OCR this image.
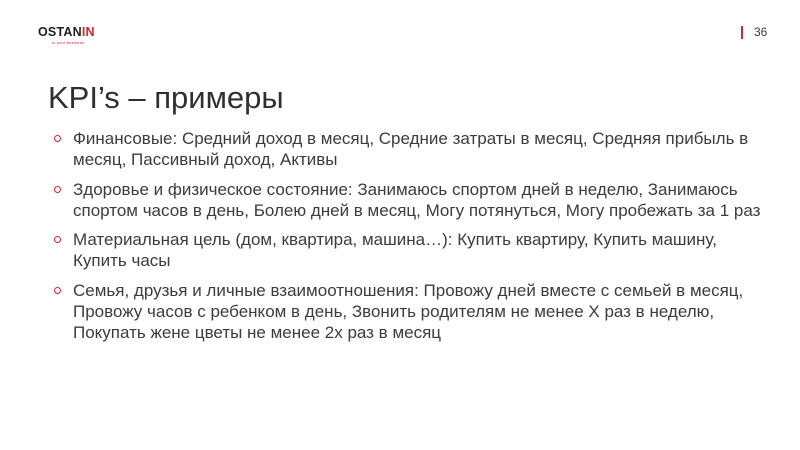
OSTANIN
in your business
36
KPI’s – примеры
Финансовые: Средний доход в месяц, Средние затраты в месяц, Средняя прибыль в месяц, Пассивный доход, Активы
Здоровье и физическое состояние: Занимаюсь спортом дней в неделю, Занимаюсь спортом часов в день, Болею дней в месяц, Могу потянуться, Могу пробежать за 1 раз
Материальная цель (дом, квартира, машина…): Купить квартиру, Купить машину, Купить часы
Семья, друзья и личные взаимоотношения: Провожу дней вместе с семьей в месяц, Провожу часов с ребенком в день, Звонить родителям не менее Х раз в неделю, Покупать жене цветы не менее 2х раз в месяц
